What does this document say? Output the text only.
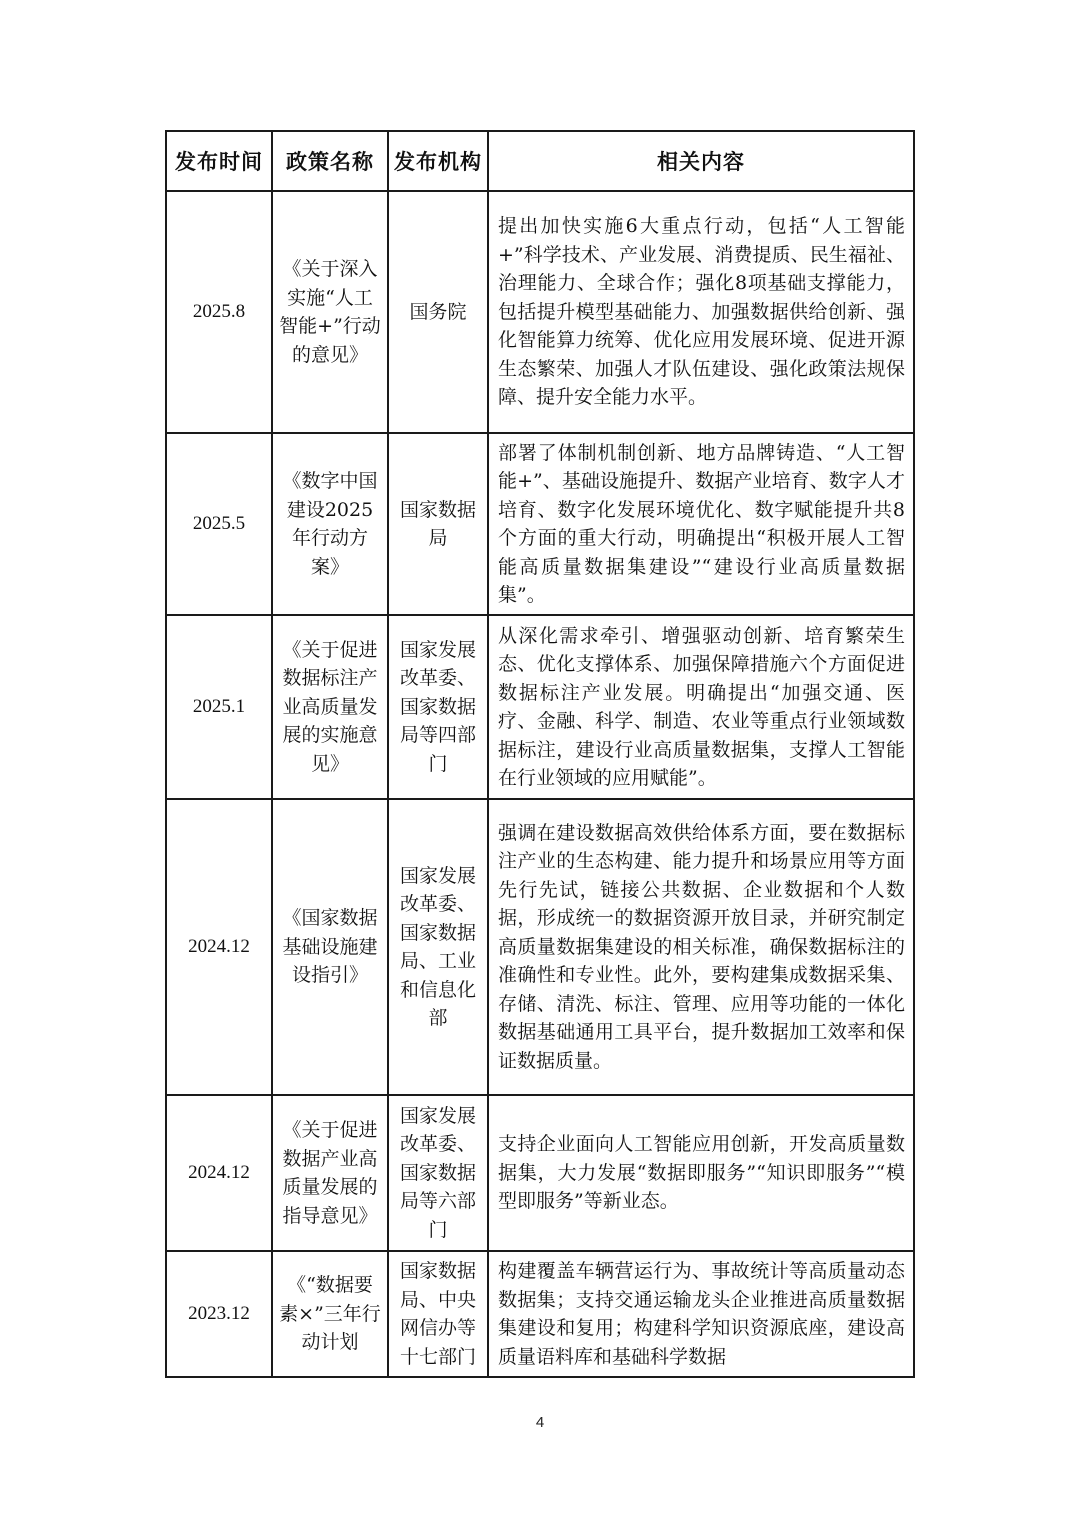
发布时间	政策名称	发布机构	相关内容
2025.8	《关于深入实施“人工智能+”行动的意见》	国务院	提出加快实施6大重点行动，包括“人工智能+”科学技术、产业发展、消费提质、民生福祉、治理能力、全球合作；强化8项基础支撑能力，包括提升模型基础能力、加强数据供给创新、强化智能算力统筹、优化应用发展环境、促进开源生态繁荣、加强人才队伍建设、强化政策法规保障、提升安全能力水平。
2025.5	《数字中国建设2025年行动方案》	国家数据局	部署了体制机制创新、地方品牌铸造、“人工智能+”、基础设施提升、数据产业培育、数字人才培育、数字化发展环境优化、数字赋能提升共8个方面的重大行动，明确提出“积极开展人工智能高质量数据集建设”“建设行业高质量数据集”。
2025.1	《关于促进数据标注产业高质量发展的实施意见》	国家发展改革委、国家数据局等四部门	从深化需求牵引、增强驱动创新、培育繁荣生态、优化支撑体系、加强保障措施六个方面促进数据标注产业发展。明确提出“加强交通、医疗、金融、科学、制造、农业等重点行业领域数据标注，建设行业高质量数据集，支撑人工智能在行业领域的应用赋能”。
2024.12	《国家数据基础设施建设指引》	国家发展改革委、国家数据局、工业和信息化部	强调在建设数据高效供给体系方面，要在数据标注产业的生态构建、能力提升和场景应用等方面先行先试，链接公共数据、企业数据和个人数据，形成统一的数据资源开放目录，并研究制定高质量数据集建设的相关标准，确保数据标注的准确性和专业性。此外，要构建集成数据采集、存储、清洗、标注、管理、应用等功能的一体化数据基础通用工具平台，提升数据加工效率和保证数据质量。
2024.12	《关于促进数据产业高质量发展的指导意见》	国家发展改革委、国家数据局等六部门	支持企业面向人工智能应用创新，开发高质量数据集，大力发展“数据即服务”“知识即服务”“模型即服务”等新业态。
2023.12	《“数据要素×”三年行动计划	国家数据局、中央网信办等十七部门	构建覆盖车辆营运行为、事故统计等高质量动态数据集；支持交通运输龙头企业推进高质量数据集建设和复用；构建科学知识资源底座，建设高质量语料库和基础科学数据
4
